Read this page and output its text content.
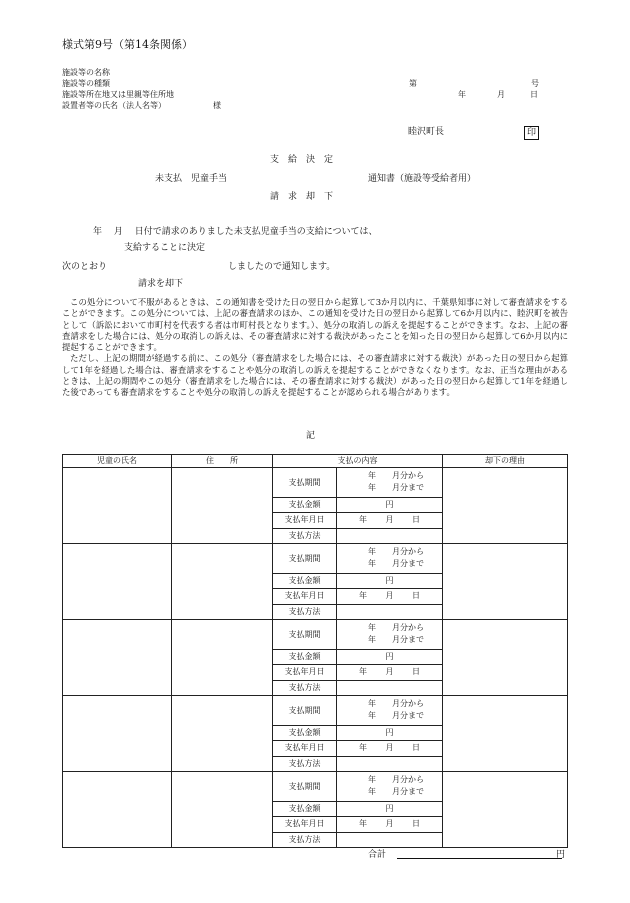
様式第9号（第14条関係）
施設等の名称
施設等の種類
施設等所在地又は里親等住所地
設置者等の氏名（法人名等）	様
第	号
年	月	日
睦沢町長	印
支　給　決　定
未支払　児童手当	通知書（施設等受給者用）
請　求　却　下
年　 月　 日付で請求のありました未支払児童手当の支給については、
支給することに決定
次のとおり	しましたので通知します。
請求を却下

この処分について不服があるときは、この通知書を受けた日の翌日から起算して3か月以内に、千葉県知事に対して審査請求をすることができます。この処分については、上記の審査請求のほか、この通知を受けた日の翌日から起算して6か月以内に、睦沢町を被告として（訴訟において市町村を代表する者は市町村長となります。）、処分の取消しの訴えを提起することができます。なお、上記の審査請求をした場合には、処分の取消しの訴えは、その審査請求に対する裁決があったことを知った日の翌日から起算して6か月以内に提起することができます。

ただし、上記の期間が経過する前に、この処分（審査請求をした場合には、その審査請求に対する裁決）があった日の翌日から起算して1年を経過した場合は、審査請求をすることや処分の取消しの訴えを提起することができなくなります。なお、正当な理由があるときは、上記の期間やこの処分（審査請求をした場合には、その審査請求に対する裁決）があった日の翌日から起算して1年を経過した後であっても審査請求をすることや処分の取消しの訴えを提起することが認められる場合があります。

記
児童の氏名	住　　所	支払の内容		却下の理由
		支払期間	年　　月分から
年　　月分まで	

		支払金額	円	
		支払年月日	年　　 月　　 日	
		支払方法		
		支払期間	年　　月分から
年　　月分まで	

		支払金額	円	
		支払年月日	年　　 月　　 日	
		支払方法		
		支払期間	年　　月分から
年　　月分まで	

		支払金額	円	
		支払年月日	年　　 月　　 日	
		支払方法		
		支払期間	年　　月分から
年　　月分まで	

		支払金額	円	
		支払年月日	年　　 月　　 日	
		支払方法		
		支払期間	年　　月分から
年　　月分まで	

		支払金額	円	
		支払年月日	年　　 月　　 日	
		支払方法		
合計	円
